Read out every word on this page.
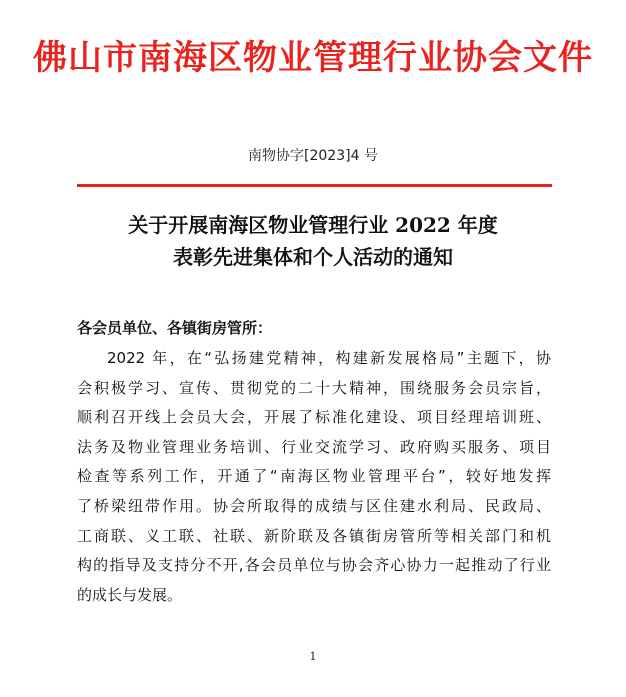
佛山市南海区物业管理行业协会文件
南物协字[2023]4 号
关于开展南海区物业管理行业 2022 年度
表彰先进集体和个人活动的通知
各会员单位、各镇街房管所：
2022 年，在“弘扬建党精神，构建新发展格局”主题下，协
会积极学习、宣传、贯彻党的二十大精神，围绕服务会员宗旨，
顺利召开线上会员大会，开展了标准化建设、项目经理培训班、
法务及物业管理业务培训、行业交流学习、政府购买服务、项目
检查等系列工作，开通了“南海区物业管理平台”，较好地发挥
了桥梁纽带作用。协会所取得的成绩与区住建水利局、民政局、
工商联、义工联、社联、新阶联及各镇街房管所等相关部门和机
构的指导及支持分不开,各会员单位与协会齐心协力一起推动了行业
的成长与发展。
1
